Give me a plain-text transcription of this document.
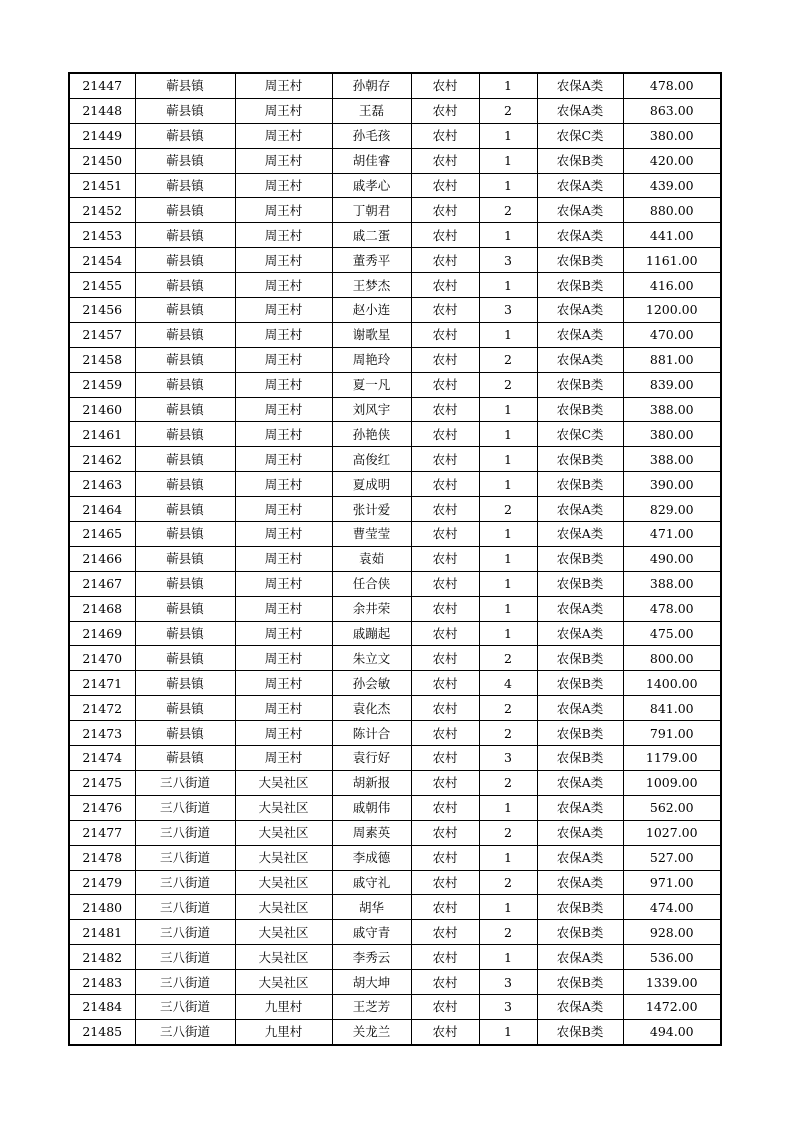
21447	蕲县镇	周王村	孙朝存	农村	1	农保A类	478.00
21448	蕲县镇	周王村	王磊	农村	2	农保A类	863.00
21449	蕲县镇	周王村	孙毛孩	农村	1	农保C类	380.00
21450	蕲县镇	周王村	胡佳睿	农村	1	农保B类	420.00
21451	蕲县镇	周王村	戚孝心	农村	1	农保A类	439.00
21452	蕲县镇	周王村	丁朝君	农村	2	农保A类	880.00
21453	蕲县镇	周王村	戚二蛋	农村	1	农保A类	441.00
21454	蕲县镇	周王村	董秀平	农村	3	农保B类	1161.00
21455	蕲县镇	周王村	王梦杰	农村	1	农保B类	416.00
21456	蕲县镇	周王村	赵小连	农村	3	农保A类	1200.00
21457	蕲县镇	周王村	谢歌星	农村	1	农保A类	470.00
21458	蕲县镇	周王村	周艳玲	农村	2	农保A类	881.00
21459	蕲县镇	周王村	夏一凡	农村	2	农保B类	839.00
21460	蕲县镇	周王村	刘风宇	农村	1	农保B类	388.00
21461	蕲县镇	周王村	孙艳侠	农村	1	农保C类	380.00
21462	蕲县镇	周王村	高俊红	农村	1	农保B类	388.00
21463	蕲县镇	周王村	夏成明	农村	1	农保B类	390.00
21464	蕲县镇	周王村	张计爱	农村	2	农保A类	829.00
21465	蕲县镇	周王村	曹莹莹	农村	1	农保A类	471.00
21466	蕲县镇	周王村	袁茹	农村	1	农保B类	490.00
21467	蕲县镇	周王村	任合侠	农村	1	农保B类	388.00
21468	蕲县镇	周王村	余井荣	农村	1	农保A类	478.00
21469	蕲县镇	周王村	戚蹦起	农村	1	农保A类	475.00
21470	蕲县镇	周王村	朱立文	农村	2	农保B类	800.00
21471	蕲县镇	周王村	孙会敏	农村	4	农保B类	1400.00
21472	蕲县镇	周王村	袁化杰	农村	2	农保A类	841.00
21473	蕲县镇	周王村	陈计合	农村	2	农保B类	791.00
21474	蕲县镇	周王村	袁行好	农村	3	农保B类	1179.00
21475	三八街道	大吴社区	胡新报	农村	2	农保A类	1009.00
21476	三八街道	大吴社区	戚朝伟	农村	1	农保A类	562.00
21477	三八街道	大吴社区	周素英	农村	2	农保A类	1027.00
21478	三八街道	大吴社区	李成德	农村	1	农保A类	527.00
21479	三八街道	大吴社区	戚守礼	农村	2	农保A类	971.00
21480	三八街道	大吴社区	胡华	农村	1	农保B类	474.00
21481	三八街道	大吴社区	戚守青	农村	2	农保B类	928.00
21482	三八街道	大吴社区	李秀云	农村	1	农保A类	536.00
21483	三八街道	大吴社区	胡大坤	农村	3	农保B类	1339.00
21484	三八街道	九里村	王芝芳	农村	3	农保A类	1472.00
21485	三八街道	九里村	关龙兰	农村	1	农保B类	494.00
